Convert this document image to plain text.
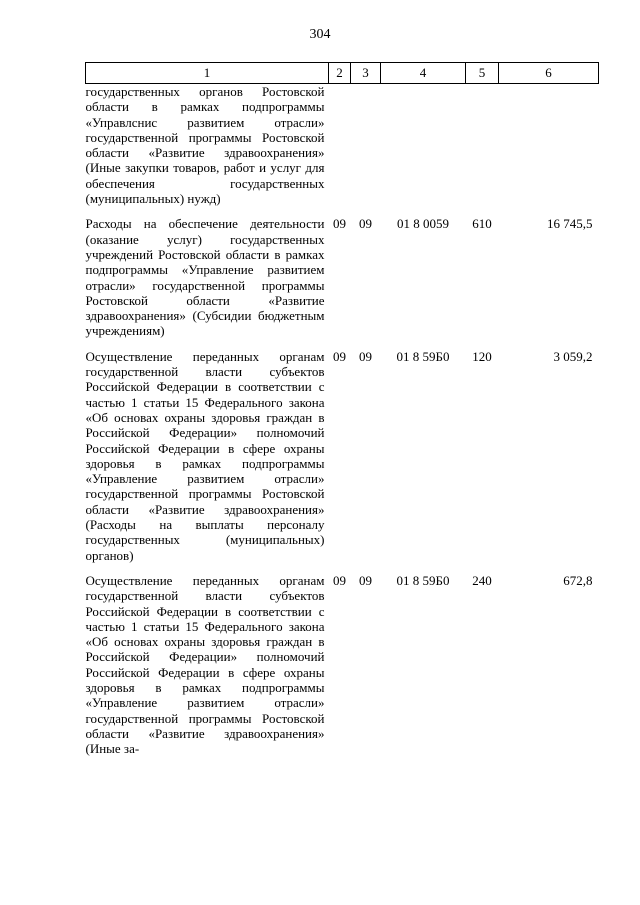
304
1	2	3	4	5	6
государственных органов Ростовской области в рамках подпрограммы «Управлснис развитием отрасли» государственной программы Ростовской области «Развитие здравоохранения» (Иные закупки товаров, работ и услуг для обеспечения государственных (муниципальных) нужд)					
Расходы на обеспечение деятельности (оказание услуг) государственных учреждений Ростовской области в рамках подпрограммы «Управление развитием отрасли» государственной программы Ростовской области «Развитие здравоохранения» (Субсидии бюджетным учреждениям)	09	09	01 8 0059	610	16 745,5
Осуществление переданных органам государственной власти субъектов Российской Федерации в соответствии с частью 1 статьи 15 Федерального закона «Об основах охраны здоровья граждан в Российской Федерации» полномочий Российской Федерации в сфере охраны здоровья в рамках подпрограммы «Управление развитием отрасли» государственной программы Ростовской области «Развитие здравоохранения» (Расходы на выплаты персоналу государственных (муниципальных) органов)	09	09	01 8 59Б0	120	3 059,2
Осуществление переданных органам государственной власти субъектов Российской Федерации в соответствии с частью 1 статьи 15 Федерального закона «Об основах охраны здоровья граждан в Российской Федерации» полномочий Российской Федерации в сфере охраны здоровья в рамках подпрограммы «Управление развитием отрасли» государственной программы Ростовской области «Развитие здравоохранения» (Иные за-	09	09	01 8 59Б0	240	672,8
